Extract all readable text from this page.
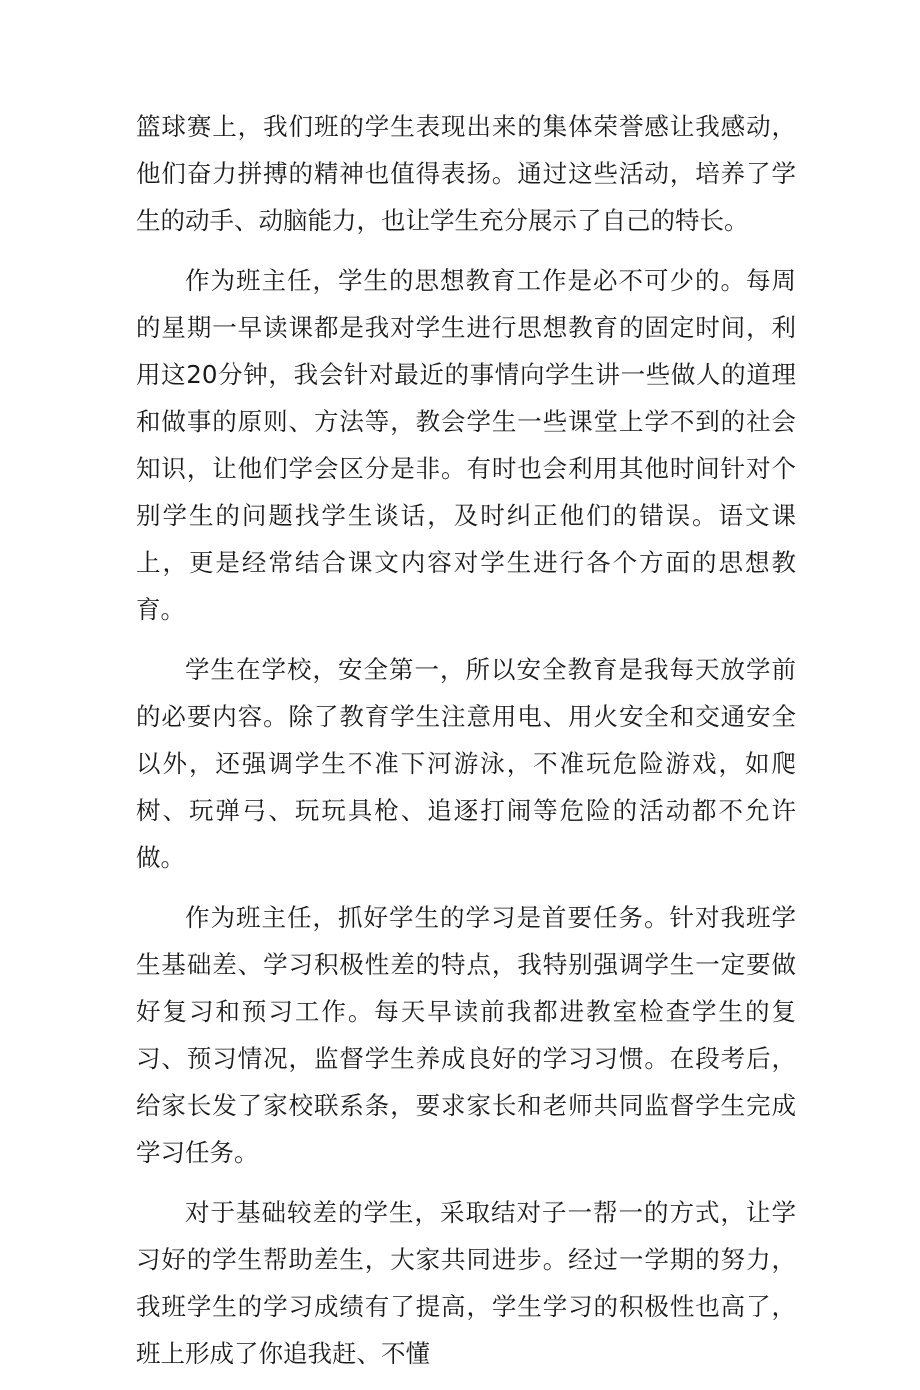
篮球赛上，我们班的学生表现出来的集体荣誉感让我感动，他们奋力拼搏的精神也值得表扬。通过这些活动，培养了学生的动手、动脑能力，也让学生充分展示了自己的特长。

作为班主任，学生的思想教育工作是必不可少的。每周的星期一早读课都是我对学生进行思想教育的固定时间，利用这20分钟，我会针对最近的事情向学生讲一些做人的道理和做事的原则、方法等，教会学生一些课堂上学不到的社会知识，让他们学会区分是非。有时也会利用其他时间针对个别学生的问题找学生谈话，及时纠正他们的错误。语文课上，更是经常结合课文内容对学生进行各个方面的思想教育。

学生在学校，安全第一，所以安全教育是我每天放学前的必要内容。除了教育学生注意用电、用火安全和交通安全以外，还强调学生不准下河游泳，不准玩危险游戏，如爬树、玩弹弓、玩玩具枪、追逐打闹等危险的活动都不允许做。

作为班主任，抓好学生的学习是首要任务。针对我班学生基础差、学习积极性差的特点，我特别强调学生一定要做好复习和预习工作。每天早读前我都进教室检查学生的复习、预习情况，监督学生养成良好的学习习惯。在段考后，给家长发了家校联系条，要求家长和老师共同监督学生完成学习任务。

对于基础较差的学生，采取结对子一帮一的方式，让学习好的学生帮助差生，大家共同进步。经过一学期的努力，我班学生的学习成绩有了提高，学生学习的积极性也高了，班上形成了你追我赶、不懂
